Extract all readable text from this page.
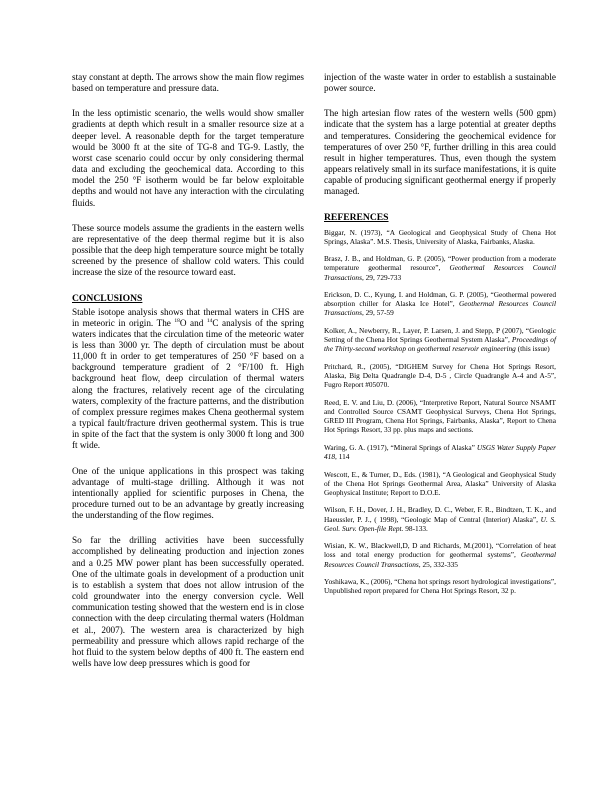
stay constant at depth. The arrows show the main flow regimes based on temperature and pressure data.

In the less optimistic scenario, the wells would show smaller gradients at depth which result in a smaller resource size at a deeper level. A reasonable depth for the target temperature would be 3000 ft at the site of TG-8 and TG-9. Lastly, the worst case scenario could occur by only considering thermal data and excluding the geochemical data. According to this model the 250 °F isotherm would be far below exploitable depths and would not have any interaction with the circulating fluids.

These source models assume the gradients in the eastern wells are representative of the deep thermal regime but it is also possible that the deep high temperature source might be totally screened by the presence of shallow cold waters. This could increase the size of the resource toward east.

CONCLUSIONS

Stable isotope analysis shows that thermal waters in CHS are in meteoric in origin. The $^{18}$O and $^{14}$C analysis of the spring waters indicates that the circulation time of the meteoric water is less than 3000 yr. The depth of circulation must be about 11,000 ft in order to get temperatures of 250 °F based on a background temperature gradient of 2 °F/100 ft. High background heat flow, deep circulation of thermal waters along the fractures, relatively recent age of the circulating waters, complexity of the fracture patterns, and the distribution of complex pressure regimes makes Chena geothermal system a typical fault/fracture driven geothermal system. This is true in spite of the fact that the system is only 3000 ft long and 300 ft wide.

One of the unique applications in this prospect was taking advantage of multi-stage drilling. Although it was not intentionally applied for scientific purposes in Chena, the procedure turned out to be an advantage by greatly increasing the understanding of the flow regimes.

So far the drilling activities have been successfully accomplished by delineating production and injection zones and a 0.25 MW power plant has been successfully operated. One of the ultimate goals in development of a production unit is to establish a system that does not allow intrusion of the cold groundwater into the energy conversion cycle. Well communication testing showed that the western end is in close connection with the deep circulating thermal waters (Holdman et al., 2007). The western area is characterized by high permeability and pressure which allows rapid recharge of the hot fluid to the system below depths of 400 ft. The eastern end wells have low deep pressures which is good for

injection of the waste water in order to establish a sustainable power source.

The high artesian flow rates of the western wells (500 gpm) indicate that the system has a large potential at greater depths and temperatures. Considering the geochemical evidence for temperatures of over 250 °F, further drilling in this area could result in higher temperatures. Thus, even though the system appears relatively small in its surface manifestations, it is quite capable of producing significant geothermal energy if properly managed.

REFERENCES

Biggar, N. (1973), “A Geological and Geophysical Study of Chena Hot Springs, Alaska”. M.S. Thesis, University of Alaska, Fairbanks, Alaska.

Brasz, J. B., and Holdman, G. P. (2005), “Power production from a moderate temperature geothermal resource”, Geothermal Resources Council Transactions, 29, 729-733

Erickson, D. C., Kyung, I. and Holdman, G. P. (2005), “Geothermal powered absorption chiller for Alaska Ice Hotel”, Geothermal Resources Council Transactions, 29, 57-59

Kolker, A., Newberry, R., Layer, P. Larsen, J. and Stepp, P (2007), “Geologic Setting of the Chena Hot Springs Geothermal System Alaska”, Proceedings of the Thirty-second workshop on geothermal reservoir engineering (this issue)

Pritchard, R., (2005), “DIGHEM Survey for Chena Hot Springs Resort, Alaska, Big Delta Quadrangle D-4, D-5 , Circle Quadrangle A-4 and A-5”, Fugro Report #05070.

Reed, E. V. and Liu, D. (2006), “Interpretive Report, Natural Source NSAMT and Controlled Source CSAMT Geophysical Surveys, Chena Hot Springs, GRED III Program, Chena Hot Springs, Fairbanks, Alaska”, Report to Chena Hot Springs Resort, 33 pp. plus maps and sections.

Waring, G. A. (1917), “Mineral Springs of Alaska” USGS Water Supply Paper 418, 114

Wescott, E., & Turner, D., Eds. (1981), “A Geological and Geophysical Study of the Chena Hot Springs Geothermal Area, Alaska” University of Alaska Geophysical Institute; Report to D.O.E.

Wilson, F. H., Dover, J. H., Bradley, D. C., Weber, F. R., Bindtzen, T. K., and Haeussler, P. J., ( 1998), “Geologic Map of Central (Interior) Alaska”, U. S. Geol. Surv. Open-file Rept. 98-133.

Wisian, K. W., Blackwell,D, D and Richards, M.(2001), “Correlation of heat loss and total energy production for geothermal systems”, Geothermal Resources Council Transactions, 25, 332-335

Yoshikawa, K., (2006), “Chena hot springs resort hydrological investigations”, Unpublished report prepared for Chena Hot Springs Resort, 32 p.
